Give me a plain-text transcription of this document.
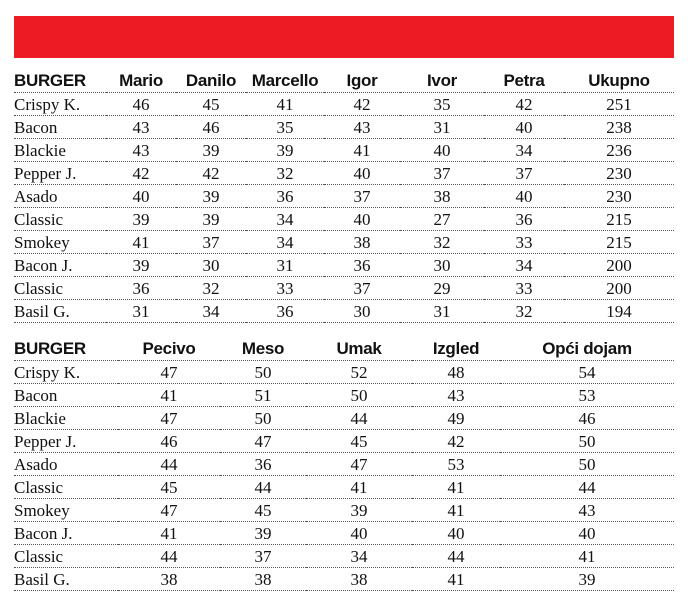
BURGER	Mario	Danilo	Marcello	Igor	Ivor	Petra	Ukupno
Crispy K.	46	45	41	42	35	42	251
Bacon	43	46	35	43	31	40	238
Blackie	43	39	39	41	40	34	236
Pepper J.	42	42	32	40	37	37	230
Asado	40	39	36	37	38	40	230
Classic	39	39	34	40	27	36	215
Smokey	41	37	34	38	32	33	215
Bacon J.	39	30	31	36	30	34	200
Classic	36	32	33	37	29	33	200
Basil G.	31	34	36	30	31	32	194
BURGER	Pecivo	Meso	Umak	Izgled	Opći dojam
Crispy K.	47	50	52	48	54
Bacon	41	51	50	43	53
Blackie	47	50	44	49	46
Pepper J.	46	47	45	42	50
Asado	44	36	47	53	50
Classic	45	44	41	41	44
Smokey	47	45	39	41	43
Bacon J.	41	39	40	40	40
Classic	44	37	34	44	41
Basil G.	38	38	38	41	39
